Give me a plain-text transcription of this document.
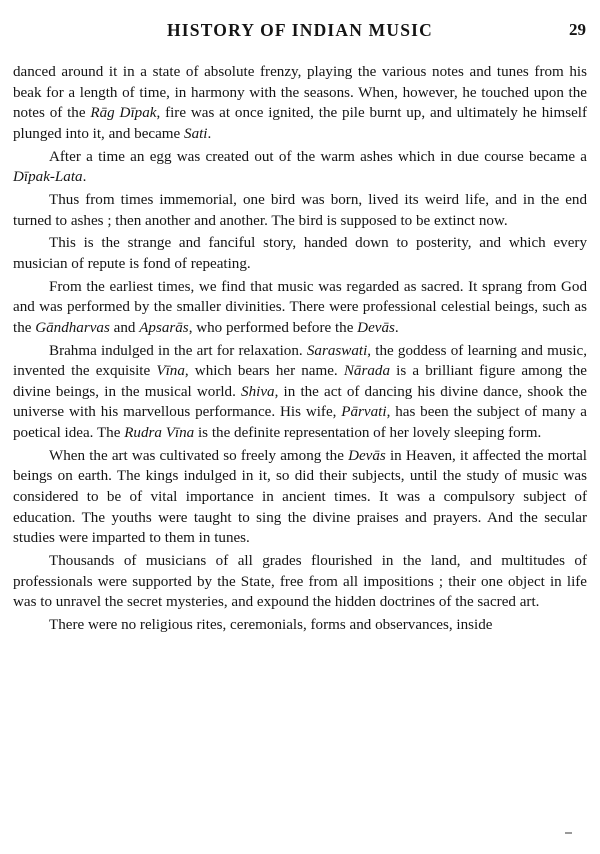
HISTORY OF INDIAN MUSIC	29

danced around it in a state of absolute frenzy, playing the various notes and tunes from his beak for a length of time, in harmony with the seasons. When, however, he touched upon the notes of the Rāg Dīpak, fire was at once ignited, the pile burnt up, and ultimately he himself plunged into it, and became Sati.

After a time an egg was created out of the warm ashes which in due course became a Dīpak-Lata.

Thus from times immemorial, one bird was born, lived its weird life, and in the end turned to ashes ; then another and another. The bird is supposed to be extinct now.

This is the strange and fanciful story, handed down to posterity, and which every musician of repute is fond of repeating.

From the earliest times, we find that music was regarded as sacred. It sprang from God and was performed by the smaller divinities. There were professional celestial beings, such as the Gāndharvas and Apsarās, who performed before the Devās.

Brahma indulged in the art for relaxation. Saraswati, the goddess of learning and music, invented the exquisite Vīna, which bears her name. Nārada is a brilliant figure among the divine beings, in the musical world. Shiva, in the act of dancing his divine dance, shook the universe with his marvellous performance. His wife, Pārvati, has been the subject of many a poetical idea. The Rudra Vīna is the definite representation of her lovely sleeping form.

When the art was cultivated so freely among the Devās in Heaven, it affected the mortal beings on earth. The kings indulged in it, so did their subjects, until the study of music was considered to be of vital importance in ancient times. It was a compulsory subject of education. The youths were taught to sing the divine praises and prayers. And the secular studies were imparted to them in tunes.

Thousands of musicians of all grades flourished in the land, and multitudes of professionals were supported by the State, free from all impositions ; their one object in life was to unravel the secret mysteries, and expound the hidden doctrines of the sacred art.

There were no religious rites, ceremonials, forms and observances, inside
